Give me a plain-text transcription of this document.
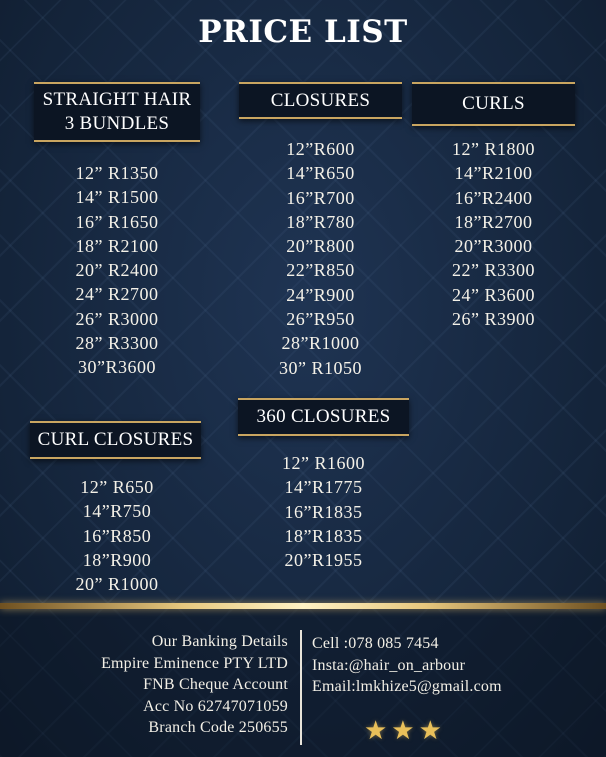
PRICE LIST
STRAIGHT HAIR
3 BUNDLES
12” R1350
14” R1500
16” R1650
18” R2100
20” R2400
24” R2700
26” R3000
28” R3300
30”R3600
CLOSURES
12”R600
14”R650
16”R700
18”R780
20”R800
22”R850
24”R900
26”R950
28”R1000
30” R1050
CURLS
12” R1800
14”R2100
16”R2400
18”R2700
20”R3000
22” R3300
24” R3600
26” R3900
CURL CLOSURES
12” R650
14”R750
16”R850
18”R900
20” R1000
360 CLOSURES
12” R1600
14”R1775
16”R1835
18”R1835
20”R1955
Our Banking Details
Empire Eminence PTY LTD
FNB Cheque Account
Acc No 62747071059
Branch Code 250655
Cell :078 085 7454
Insta:@hair_on_arbour
Email:lmkhize5@gmail.com
★★★
